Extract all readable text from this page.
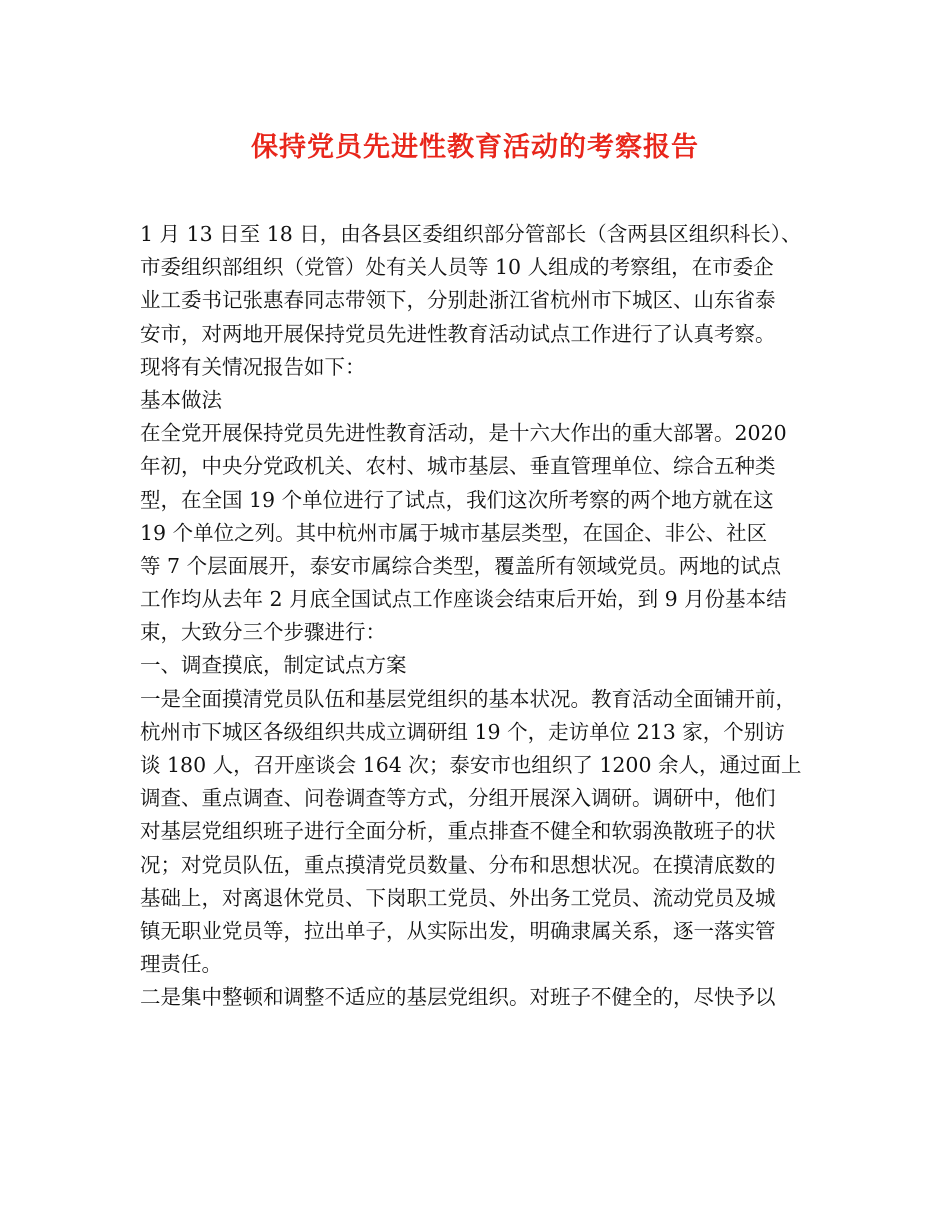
保持党员先进性教育活动的考察报告
1 月 13 日至 18 日，由各县区委组织部分管部长（含两县区组织科长）、
市委组织部组织（党管）处有关人员等 10 人组成的考察组，在市委企
业工委书记张惠春同志带领下，分别赴浙江省杭州市下城区、山东省泰
安市，对两地开展保持党员先进性教育活动试点工作进行了认真考察。
现将有关情况报告如下：
基本做法
在全党开展保持党员先进性教育活动，是十六大作出的重大部署。2020
年初，中央分党政机关、农村、城市基层、垂直管理单位、综合五种类
型，在全国 19 个单位进行了试点，我们这次所考察的两个地方就在这
19 个单位之列。其中杭州市属于城市基层类型，在国企、非公、社区
等 7 个层面展开，泰安市属综合类型，覆盖所有领域党员。两地的试点
工作均从去年 2 月底全国试点工作座谈会结束后开始，到 9 月份基本结
束，大致分三个步骤进行：
一、调查摸底，制定试点方案
一是全面摸清党员队伍和基层党组织的基本状况。教育活动全面铺开前，
杭州市下城区各级组织共成立调研组 19 个，走访单位 213 家，个别访
谈 180 人，召开座谈会 164 次；泰安市也组织了 1200 余人，通过面上
调查、重点调查、问卷调查等方式，分组开展深入调研。调研中，他们
对基层党组织班子进行全面分析，重点排查不健全和软弱涣散班子的状
况；对党员队伍，重点摸清党员数量、分布和思想状况。在摸清底数的
基础上，对离退休党员、下岗职工党员、外出务工党员、流动党员及城
镇无职业党员等，拉出单子，从实际出发，明确隶属关系，逐一落实管
理责任。
二是集中整顿和调整不适应的基层党组织。对班子不健全的，尽快予以
